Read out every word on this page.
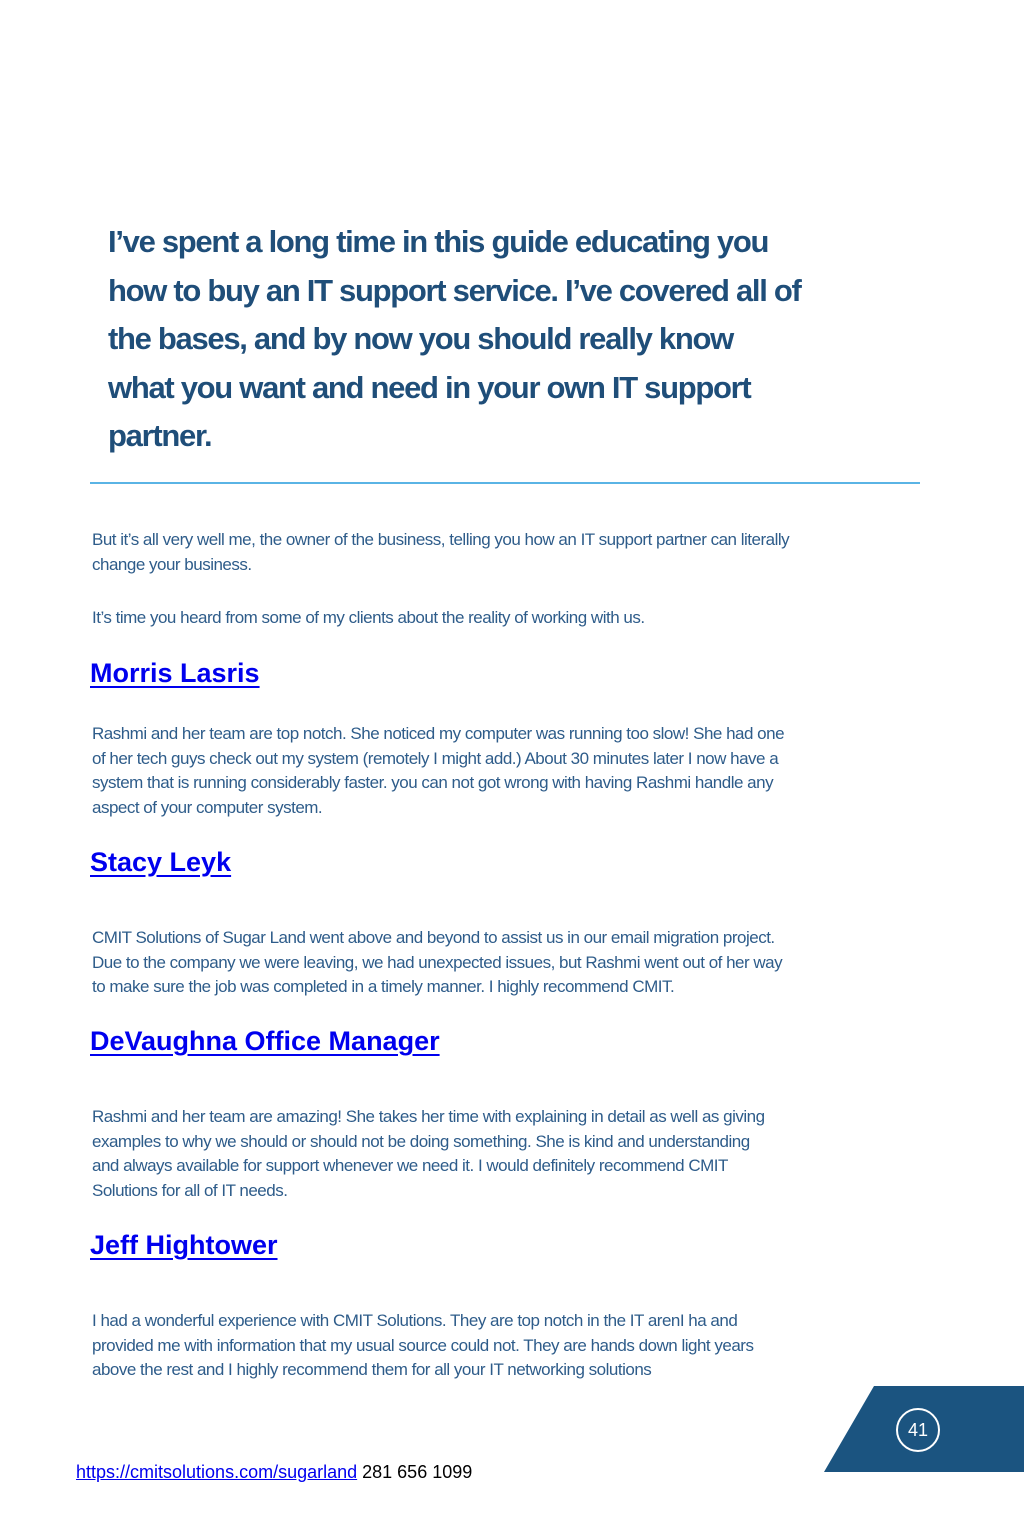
I’ve spent a long time in this guide educating you
how to buy an IT support service. I’ve covered all of
the bases, and by now you should really know
what you want and need in your own IT support
partner.

But it’s all very well me, the owner of the business, telling you how an IT support partner can literally
change your business.

It’s time you heard from some of my clients about the reality of working with us.

Morris Lasris

Rashmi and her team are top notch. She noticed my computer was running too slow! She had one
of her tech guys check out my system (remotely I might add.) About 30 minutes later I now have a
system that is running considerably faster. you can not got wrong with having Rashmi handle any
aspect of your computer system.

Stacy Leyk

CMIT Solutions of Sugar Land went above and beyond to assist us in our email migration project.
Due to the company we were leaving, we had unexpected issues, but Rashmi went out of her way
to make sure the job was completed in a timely manner. I highly recommend CMIT.

DeVaughna Office Manager

Rashmi and her team are amazing! She takes her time with explaining in detail as well as giving
examples to why we should or should not be doing something. She is kind and understanding
and always available for support whenever we need it. I would definitely recommend CMIT
Solutions for all of IT needs.

Jeff Hightower

I had a wonderful experience with CMIT Solutions. They are top notch in the IT arenI ha and
provided me with information that my usual source could not. They are hands down light years
above the rest and I highly recommend them for all your IT networking solutions

41
https://cmitsolutions.com/sugarland 281 656 1099
